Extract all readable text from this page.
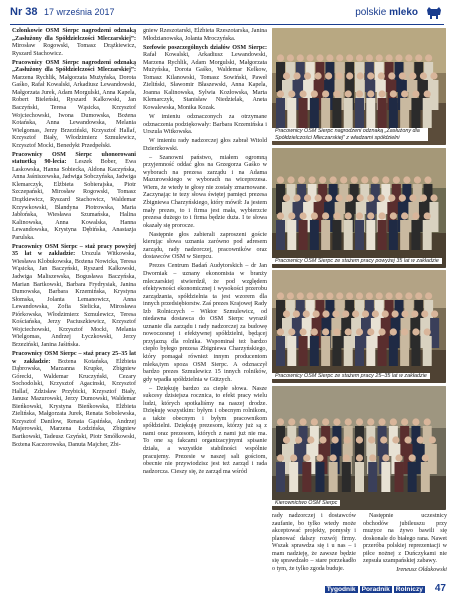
Nr 38 17 września 2017	polskie mleko

Członkowie OSM Sierpc nagrodzeni odznaką „Zasłużony dla Spółdzielczości Mleczarskiej”: Mirosław Rogowski, Tomasz Drążkiewicz, Ryszard Stachowicz.

Pracownicy OSM Sierpc nagrodzeni odznaką „Zasłużony dla Spółdzielczości Mleczarskiej”: Marzena Rychlik, Małgorzata Mużyńska, Dorota Gaśko, Rafał Kowalski, Arkadiusz Lewandowski, Małgorzata Jurek, Adam Morgulski, Anna Kapela, Robert Bieleński, Ryszard Kalkowski, Jan Baczyński, Teresa Wąsicka, Krzysztof Wojciechowski, Iwona Dumowska, Bożena Kotańska, Anna Lewandowska, Melania Wielgomas, Jerzy Brzeziński, Krzysztof Hallaf, Krzysztof Biały, Włodzimierz Szmulewicz, Krzysztof Mocki, Benedykt Przedpełski.

Pracownicy OSM Sierpc uhonorowani statuetką 90-lecia: Leszek Bober, Ewa Laskowska, Hanna Sobiecka, Aldona Kaczyńska, Anna Jaśniszewska, Jadwiga Sobczyńska, Jadwiga Klemarczyk, Elżbieta Sobierajska, Piotr Szczepański, Mirosław Rogowski, Tomasz Drążkiewicz, Ryszard Stachowicz, Waldemar Krzywkowski, Blandyna Piotrowska, Maria Jabłońska, Wiesława Szumańska, Halina Kalinowska, Anna Kowalska, Hanna Lewandowska, Krystyna Dębińska, Anastazja Parulska.

Pracownicy OSM Sierpc – staż pracy powyżej 35 lat w zakładzie: Urszula Witkowska, Wiesława Klobukowska, Bożena Nowicka, Teresa Wąsicka, Jan Baczyński, Ryszard Kalkowski, Jadwiga Maliszewska, Bogusława Baczyńska, Marian Bartkowski, Barbara Frydrysiak, Janina Dumowska, Barbara Krzemińska, Krystyna Słomska, Jolanta Lemanowicz, Anna Lewandowska, Zofia Sielicka, Mirosława Piórkowska, Włodzimierz Szmulewicz, Teresa Kościańska, Jerzy Paciuszkiewicz, Krzysztof Wojciechowski, Krzysztof Mocki, Melania Wielgomas, Andrzej Łyczkowski, Jerzy Brzeziński, Janina Jaśińska.

Pracownicy OSM Sierpc – staż pracy 25–35 lat w zakładzie: Bożena Kotańska, Elżbieta Dąbrowska, Marzanna Krupke, Zbigniew Górecki, Waldemar Kruczyński, Cezary Sochodolski, Krzysztof Agacinski, Krzysztof Hallaf, Zdzisław Przybicki, Krzysztof Biały, Janusz Mazurowski, Jerzy Dumowski, Waldemar Bieńkowski, Krystyna Bieńkowska, Elżbieta Zielińska, Małgorzata Jurek, Renata Sobolewska, Krzysztof Danilow, Renata Gąsińska, Andrzej Majerowski, Marzena Łodzińska, Zbigniew Bartkowski, Tadeusz Gzyński, Piotr Smółkowski, Bożena Kaczorowska, Danuta Majcher, Zbi-

gniew Rzeszotarski, Elżbieta Rzeszotarska, Janina Młodzianowska, Jolanta Mroczyńska.

Szefowie poszczególnych działów OSM Sierpc: Rafał Kowalski, Arkadiusz Lewandowski, Marzena Rychlik, Adam Morgulski, Małgorzata Mużyńska, Dorota Gaśko, Waldemar Kelkow, Tomasz Kilanowski, Tomasz Sowiński, Paweł Zieliński, Sławomir Błaszewski, Anna Kapela, Joanna Kalinowska, Sylwia Kozłowska, Marta Klemarczyk, Stanisław Niedzielak, Aneta Kowalewska, Monika Kozak.

W imieniu odznaczonych za otrzymane odznaczenia podziękowały: Barbara Krzemińska i Urszula Witkowska.

W imieniu rady nadzorczej głos zabrał Witold Dzierżkowski.

– Szanowni państwo, miałem ogromną przyjemność oddać głos na Grzegorza Gaśko w wyborach na prezesa zarządu i na Adama Mazurowskiego w wyborach na wiceprezesa. Wiem, że wtedy te głosy nie zostały zmarnowane. Zaczynając te tezy słowa świętej pamięci prezesa Zbigniewa Charzyńskiego, który mówił: Ja jestem mały prezes, to i firma jest mała, wybierzcie prezesa dużego to i firma będzie duża. I te słowa okazały się prorocze.

Następnie głos zabierali zaproszeni goście kierując słowa uznania zarówno pod adresem zarządu, rady nadzorczej, pracowników oraz dostawców OSM w Sierpcu.

Prezes Centrum Badań Audytorskich – dr Jan Dworniak – uznany ekonomista w branży mleczarskiej stwierdził, że pod względem efektywności ekonomicznej i wysokości przerobu zarządzania, spółdzielnia ta jest wzorem dla innych przedsiębiorstw. Zaś prezes Krajowej Rady Izb Rolniczych – Wiktor Szmulewicz, od niedawna dostawca do OSM Sierpc wyraził uznanie dla zarządu i rady nadzorczej za budowę nowoczesnej i efektywnej spółdzielni, będącej przyjazną dla rolnika. Wspominał też bardzo ciepło byłego prezesa Zbigniewa Charzyńskiego, który pomagał również innym producentom mleka,tym spoza OSM Sierpc. A odznaczył bardzo prezes Szmulewicz 15 innych rolników, gdy wpadła spółdzielnia w Gützych.

– Dziękuję bardzo za ciepłe słowa. Nasze sukcesy dzisiejsza rocznica, to efekt pracy wielu ludzi, których spotkaliśmy na naszej drodze. Dziękuję wszystkim: byłym i obecnym rolnikom, a także obecnym i byłym pracownikom spółdzielni. Dziękuję prezesom, którzy już są z nami oraz prezesom, których z nami już nie ma. To one są fakcami organizacyjnymi spisanie działa, a wszystkie stabilności wspólnie pracujemy. Prezesie w naszej sali gościom, obecnie nie przywiodzisz jest też zarząd i rada nadzorcza. Cieszy się, że zarząd ma wśród

Pracownicy OSM Sierpc nagrodzeni odznaką „Zasłużony dla Spółdzielczości Mleczarskiej” z władzami spółdzielni
Pracownicy OSM Sierpc ze stażem pracy powyżej 35 lat w zakładzie
Pracownicy OSM Sierpc ze stażem pracy 25–35 lat w zakładzie
Kierownictwo OSM Sierpc

rady nadzorczej i dostawców zaufanie, bo tylko wtedy może akceptować projekty, pomysły i planować dalszy rozwój firmy. Wszak sprawdza się i u nas – i mam nadzieję, że zawsze będzie się sprawdzało – stare porzekadło o tym, że tylko zgoda buduje.

Następnie uczestnicy obchodów jubileuszu przy muzyce na żywo bawili się doskonale do białego rana. Nawet przeróba polskiej reprezentacji w piłce nożnej z Duńczykami nie zepsuła szampańskiej zabawy.

Ireneusz Ołdakowski

Tygodnik Poradnik Rolniczy 47
